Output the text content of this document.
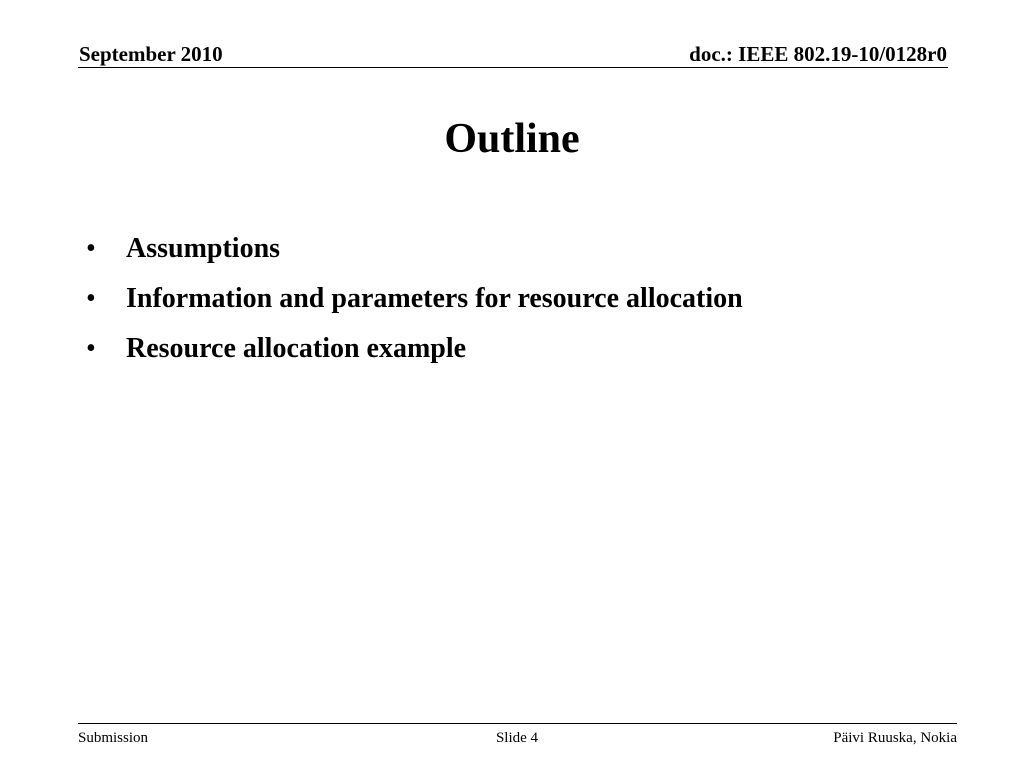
September 2010	doc.: IEEE 802.19-10/0128r0
Outline
•	Assumptions
•	Information and parameters for resource allocation
•	Resource allocation example
Submission	Slide 4	Päivi Ruuska, Nokia
